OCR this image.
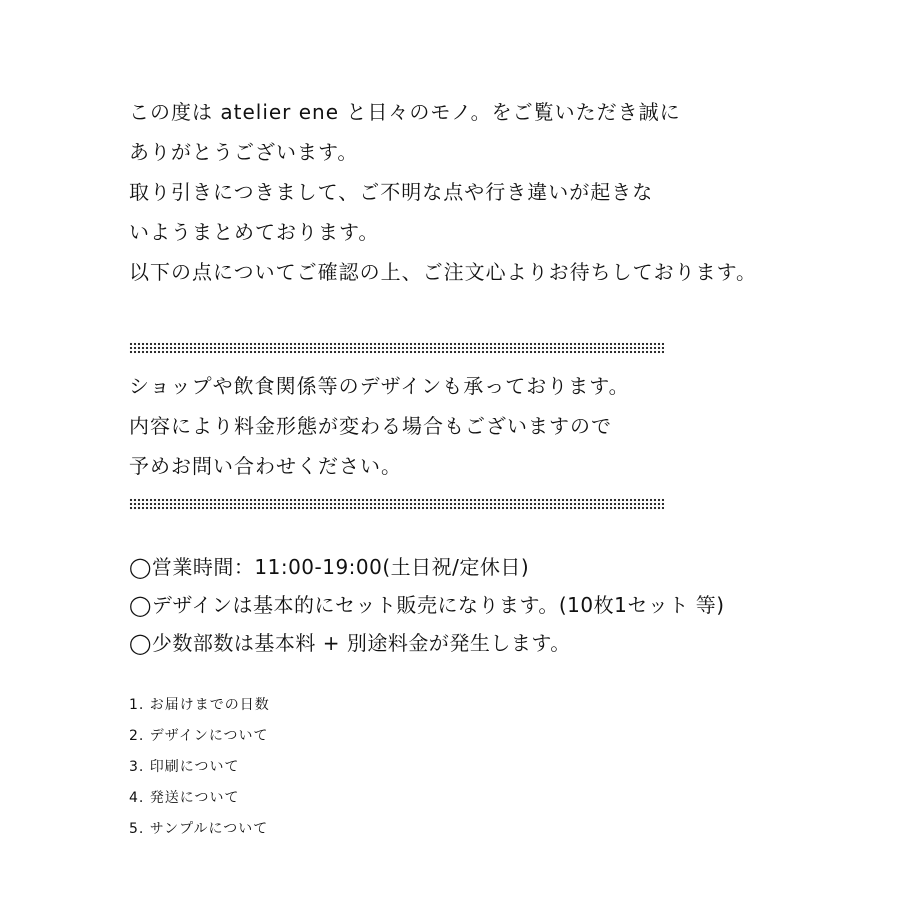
この度は atelier ene と日々のモノ。をご覧いただき誠に
ありがとうございます。
取り引きにつきまして、ご不明な点や行き違いが起きな
いようまとめております。
以下の点についてご確認の上、ご注文心よりお待ちしております。
ショップや飲食関係等のデザインも承っております。
内容により料金形態が変わる場合もございますので
予めお問い合わせください。
◯営業時間：11:00-19:00(土日祝/定休日)
◯デザインは基本的にセット販売になります。(10枚1セット 等)
◯少数部数は基本料 + 別途料金が発生します。
1. お届けまでの日数
2. デザインについて
3. 印刷について
4. 発送について
5. サンプルについて
